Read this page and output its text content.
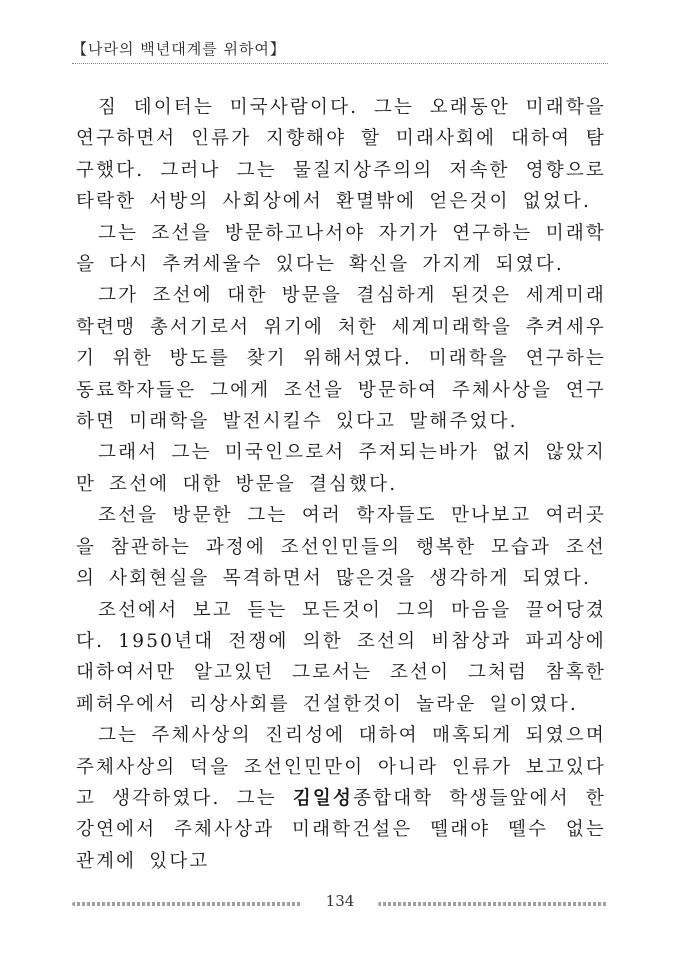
【나라의 백년대계를 위하여】

짐 데이터는 미국사람이다. 그는 오래동안 미래학을 연구하면서 인류가 지향해야 할 미래사회에 대하여 탐구했다. 그러나 그는 물질지상주의의 저속한 영향으로 타락한 서방의 사회상에서 환멸밖에 얻은것이 없었다.

그는 조선을 방문하고나서야 자기가 연구하는 미래학을 다시 추켜세울수 있다는 확신을 가지게 되였다.

그가 조선에 대한 방문을 결심하게 된것은 세계미래학련맹 총서기로서 위기에 처한 세계미래학을 추켜세우기 위한 방도를 찾기 위해서였다. 미래학을 연구하는 동료학자들은 그에게 조선을 방문하여 주체사상을 연구하면 미래학을 발전시킬수 있다고 말해주었다.

그래서 그는 미국인으로서 주저되는바가 없지 않았지만 조선에 대한 방문을 결심했다.

조선을 방문한 그는 여러 학자들도 만나보고 여러곳을 참관하는 과정에 조선인민들의 행복한 모습과 조선의 사회현실을 목격하면서 많은것을 생각하게 되였다.

조선에서 보고 듣는 모든것이 그의 마음을 끌어당겼다. 1950년대 전쟁에 의한 조선의 비참상과 파괴상에 대하여서만 알고있던 그로서는 조선이 그처럼 참혹한 페허우에서 리상사회를 건설한것이 놀라운 일이였다.

그는 주체사상의 진리성에 대하여 매혹되게 되였으며 주체사상의 덕을 조선인민만이 아니라 인류가 보고있다고 생각하였다. 그는 김일성종합대학 학생들앞에서 한 강연에서 주체사상과 미래학건설은 뗄래야 뗄수 없는 관계에 있다고

134
